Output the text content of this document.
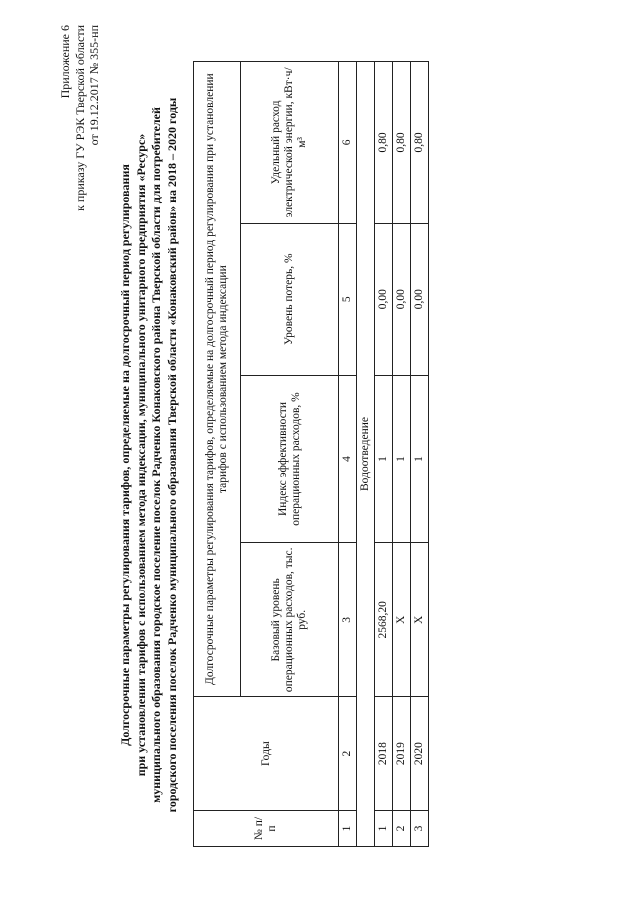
Приложение 6 к приказу ГУ РЭК Тверской области от 19.12.2017 № 355-нп
Долгосрочные параметры регулирования тарифов, определяемые на долгосрочный период регулирования при установлении тарифов с использованием метода индексации, муниципального унитарного предприятия «Ресурс» муниципального образования городское поселение поселок Радченко Конаковского района Тверской области для потребителей городского поселения поселок Радченко муниципального образования Тверской области «Конаковский район» на 2018 – 2020 годы
№ п/п	Годы	Долгосрочные параметры регулирования тарифов, определяемые на долгосрочный период регулирования при установлении тарифов с использованием метода индексации			
		Базовый уровень операционных расходов, тыс. руб.	Индекс эффективности операционных расходов, %	Уровень потерь, %	Удельный расход электрической энергии, кВт·ч/м³
1	2	3	4	5	6
Водоотведение					
1	2018	2568,20	1	0,00	0,80
2	2019	Х	1	0,00	0,80
3	2020	Х	1	0,00	0,80
